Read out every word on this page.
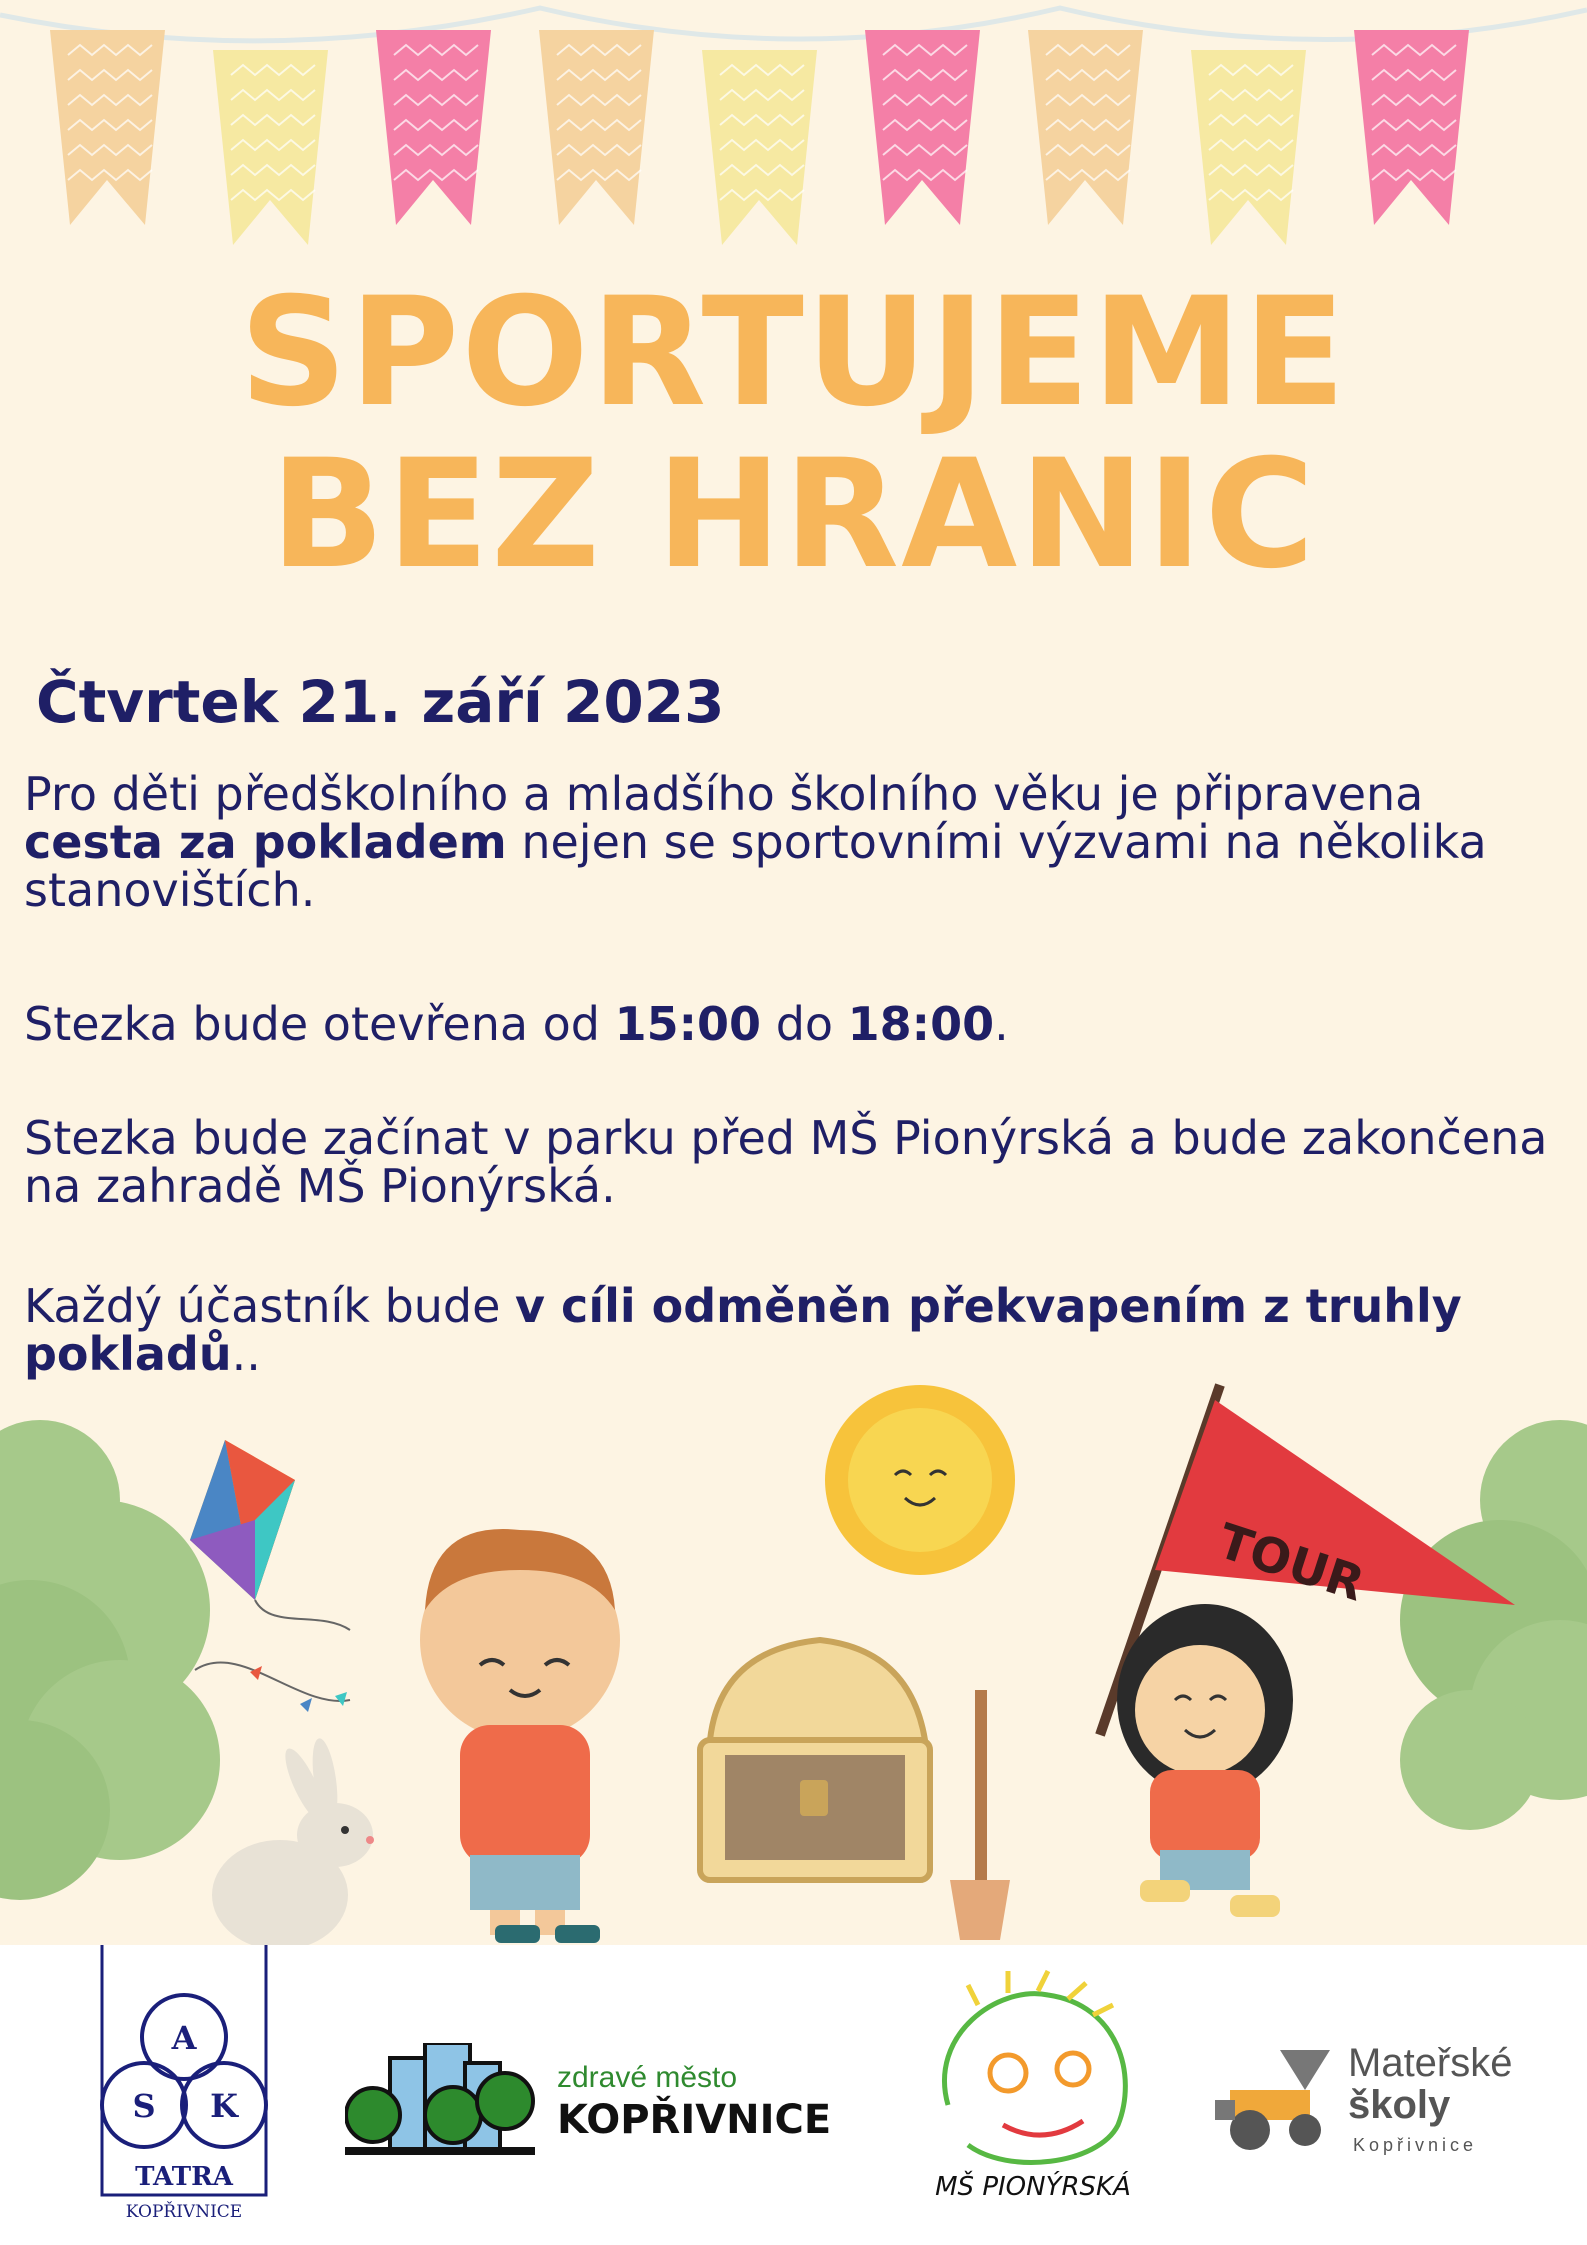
SPORTUJEME
BEZ HRANIC
Čtvrtek 21. září 2023

Pro děti předškolního a mladšího školního věku je připravena cesta za pokladem nejen se sportovními výzvami na několika stanovištích.

Stezka bude otevřena od 15:00 do 18:00.

Stezka bude začínat v parku před MŠ Pionýrská a bude zakončena na zahradě MŠ Pionýrská.

Každý účastník bude v cíli odměněn překvapením z truhly pokladů..

TOUR
A
S K
TATRA
KOPŘIVNICE
zdravé město
KOPŘIVNICE
MŠ PIONÝRSKÁ
Mateřské
školy
Kopřivnice
